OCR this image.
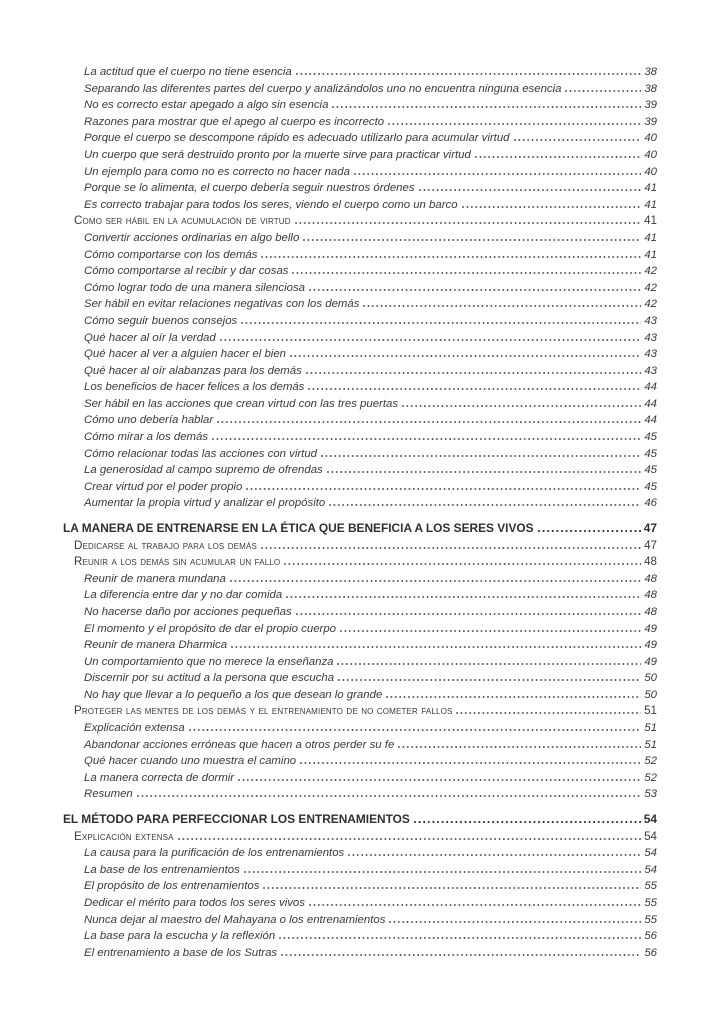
La actitud que el cuerpo no tiene esencia	38
Separando las diferentes partes del cuerpo y analizándolos uno no encuentra ninguna esencia	38
No es correcto estar apegado a algo sin esencia	39
Razones para mostrar que el apego al cuerpo es incorrecto	39
Porque el cuerpo se descompone rápido es adecuado utilizarlo para acumular virtud	40
Un cuerpo que será destruido pronto por la muerte sirve para practicar virtud	40
Un ejemplo para como no es correcto no hacer nada	40
Porque se lo alimenta, el cuerpo debería seguir nuestros órdenes	41
Es correcto trabajar para todos los seres, viendo el cuerpo como un barco	41
Como ser hábil en la acumulación de virtud	41
Convertir acciones ordinarias en algo bello	41
Cómo comportarse con los demás	41
Cómo comportarse al recibir y dar cosas	42
Cómo lograr todo de una manera silenciosa	42
Ser hábil en evitar relaciones negativas con los demás	42
Cómo seguir buenos consejos	43
Qué hacer al oír la verdad	43
Qué hacer al ver a alguien hacer el bien	43
Qué hacer al oír alabanzas para los demás	43
Los beneficios de hacer felices a los demás	44
Ser hábil en las acciones que crean virtud con las tres puertas	44
Cómo uno debería hablar	44
Cómo mirar a los demás	45
Cómo relacionar todas las acciones con virtud	45
La generosidad al campo supremo de ofrendas	45
Crear virtud por el poder propio	45
Aumentar la propia virtud y analizar el propósito	46
LA MANERA DE ENTRENARSE EN LA ÉTICA QUE BENEFICIA A LOS SERES VIVOS	47
Dedicarse al trabajo para los demás	47
Reunir a los demás sin acumular un fallo	48
Reunir de manera mundana	48
La diferencia entre dar y no dar comida	48
No hacerse daño por acciones pequeñas	48
El momento y el propósito de dar el propio cuerpo	49
Reunir de manera Dharmica	49
Un comportamiento que no merece la enseñanza	49
Discernir por su actitud a la persona que escucha	50
No hay que llevar a lo pequeño a los que desean lo grande	50
Proteger las mentes de los demás y el entrenamiento de no cometer fallos	51
Explicación extensa	51
Abandonar acciones erróneas que hacen a otros perder su fe	51
Qué hacer cuando uno muestra el camino	52
La manera correcta de dormir	52
Resumen	53
EL MÉTODO PARA PERFECCIONAR LOS ENTRENAMIENTOS	54
Explicación extensa	54
La causa para la purificación de los entrenamientos	54
La base de los entrenamientos	54
El propósito de los entrenamientos	55
Dedicar el mérito para todos los seres vivos	55
Nunca dejar al maestro del Mahayana o los entrenamientos	55
La base para la escucha y la reflexión	56
El entrenamiento a base de los Sutras	56
